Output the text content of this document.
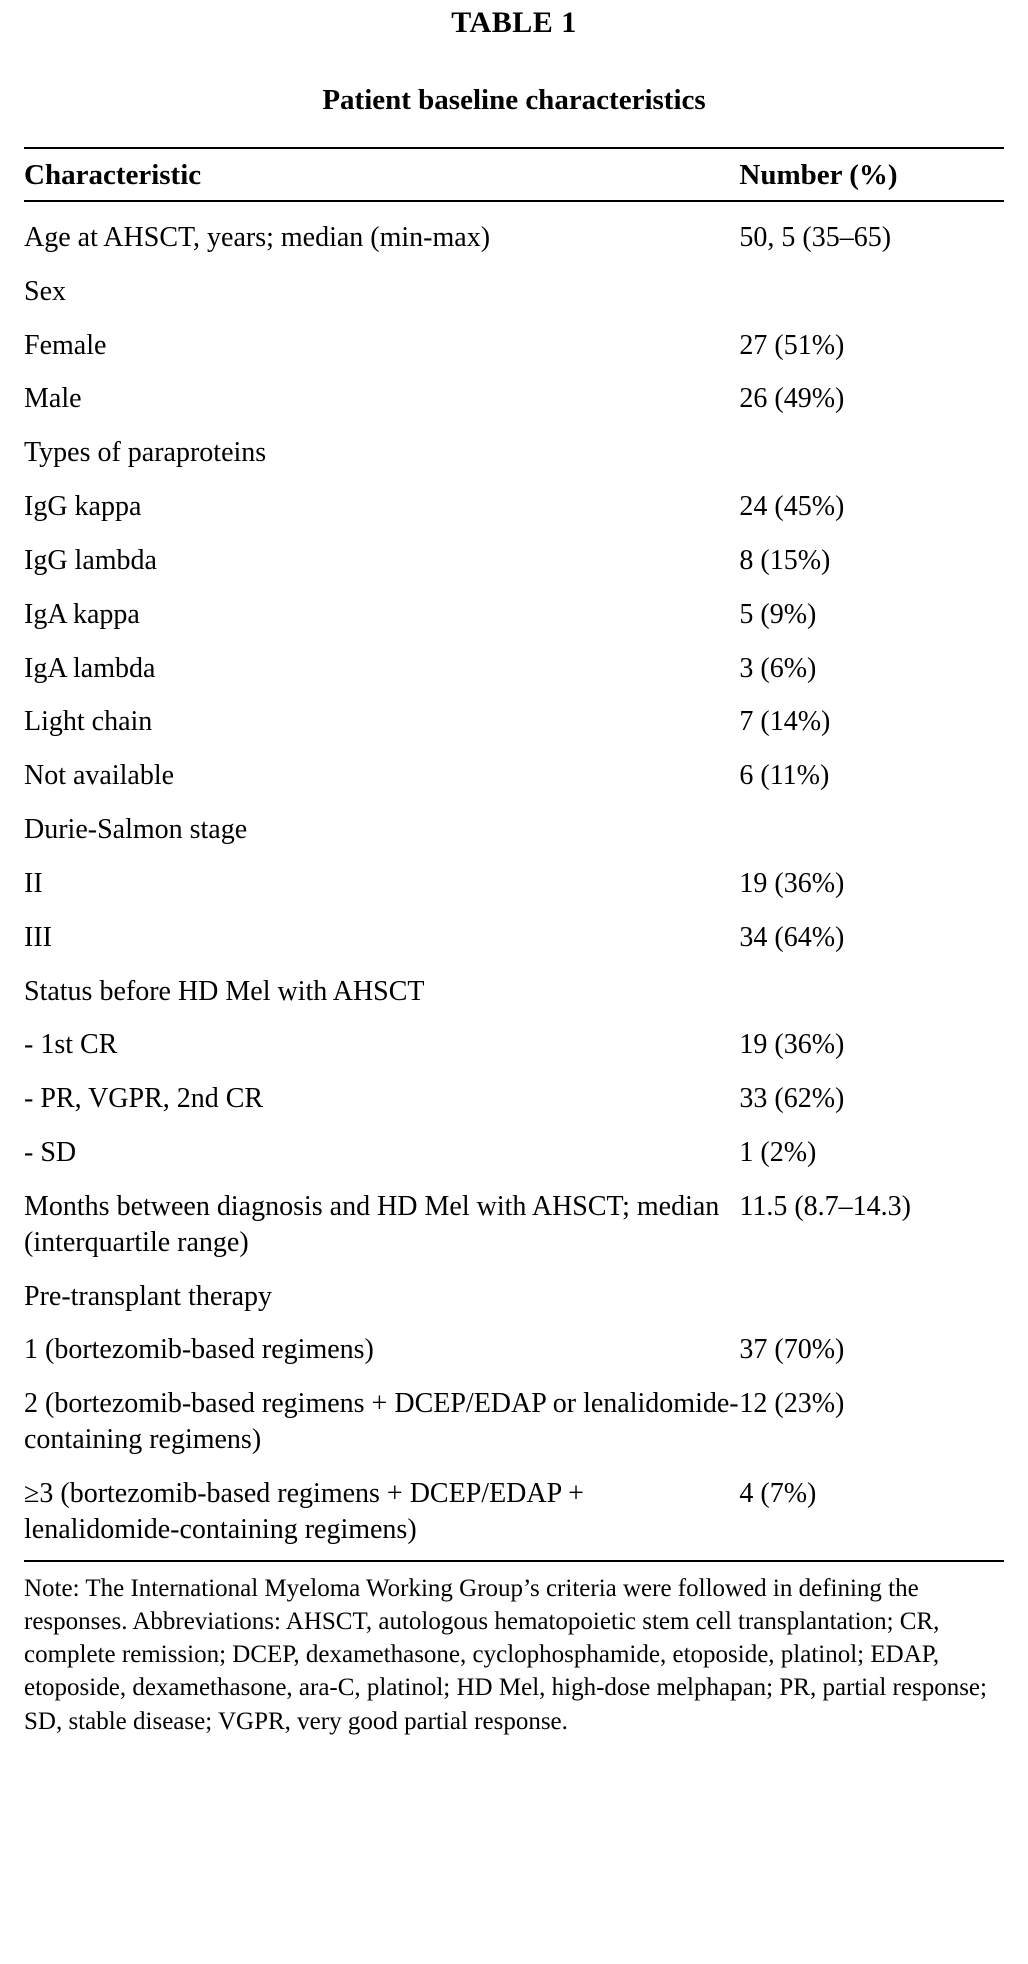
TABLE 1
Patient baseline characteristics
Characteristic	Number (%)
Age at AHSCT, years; median (min-max)	50, 5 (35–65)
Sex	
Female	27 (51%)
Male	26 (49%)
Types of paraproteins	
IgG kappa	24 (45%)
IgG lambda	8 (15%)
IgA kappa	5 (9%)
IgA lambda	3 (6%)
Light chain	7 (14%)
Not available	6 (11%)
Durie-Salmon stage	
II	19 (36%)
III	34 (64%)
Status before HD Mel with AHSCT	
- 1st CR	19 (36%)
- PR, VGPR, 2nd CR	33 (62%)
- SD	1 (2%)
Months between diagnosis and HD Mel with AHSCT; median (interquartile range)	11.5 (8.7–14.3)
Pre-transplant therapy	
1 (bortezomib-based regimens)	37 (70%)
2 (bortezomib-based regimens + DCEP/EDAP or lenalidomide-containing regimens)	12 (23%)
≥3 (bortezomib-based regimens + DCEP/EDAP + lenalidomide-containing regimens)	4 (7%)
Note: The International Myeloma Working Group’s criteria were followed in defining the responses. Abbreviations: AHSCT, autologous hematopoietic stem cell transplantation; CR, complete remission; DCEP, dexamethasone, cyclophosphamide, etoposide, platinol; EDAP, etoposide, dexamethasone, ara-C, platinol; HD Mel, high-dose melphapan; PR, partial response; SD, stable disease; VGPR, very good partial response.
